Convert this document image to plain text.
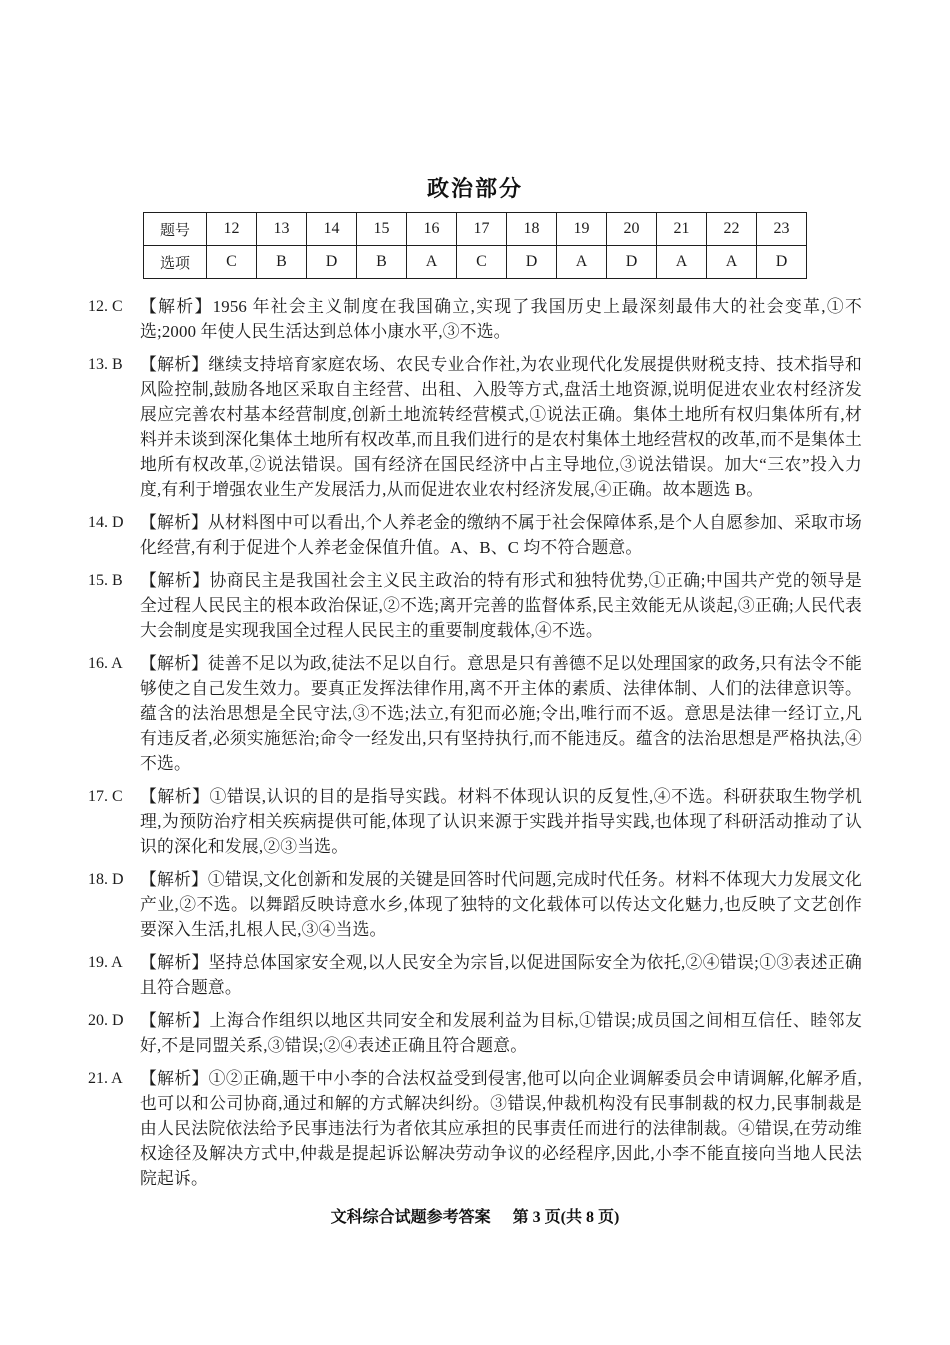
政治部分
题号	12	13	14	15	16	17	18	19	20	21	22	23
选项	C	B	D	B	A	C	D	A	D	A	A	D
12. C	【解析】1956 年社会主义制度在我国确立,实现了我国历史上最深刻最伟大的社会变革,①不选;2000 年使人民生活达到总体小康水平,③不选。
13. B	【解析】继续支持培育家庭农场、农民专业合作社,为农业现代化发展提供财税支持、技术指导和风险控制,鼓励各地区采取自主经营、出租、入股等方式,盘活土地资源,说明促进农业农村经济发展应完善农村基本经营制度,创新土地流转经营模式,①说法正确。集体土地所有权归集体所有,材料并未谈到深化集体土地所有权改革,而且我们进行的是农村集体土地经营权的改革,而不是集体土地所有权改革,②说法错误。国有经济在国民经济中占主导地位,③说法错误。加大“三农”投入力度,有利于增强农业生产发展活力,从而促进农业农村经济发展,④正确。故本题选 B。
14. D 【解析】从材料图中可以看出,个人养老金的缴纳不属于社会保障体系,是个人自愿参加、采取市场化经营,有利于促进个人养老金保值升值。A、B、C 均不符合题意。
15. B	【解析】协商民主是我国社会主义民主政治的特有形式和独特优势,①正确;中国共产党的领导是全过程人民民主的根本政治保证,②不选;离开完善的监督体系,民主效能无从谈起,③正确;人民代表大会制度是实现我国全过程人民民主的重要制度载体,④不选。
16. A	【解析】徒善不足以为政,徒法不足以自行。意思是只有善德不足以处理国家的政务,只有法令不能够使之自己发生效力。要真正发挥法律作用,离不开主体的素质、法律体制、人们的法律意识等。蕴含的法治思想是全民守法,③不选;法立,有犯而必施;令出,唯行而不返。意思是法律一经订立,凡有违反者,必须实施惩治;命令一经发出,只有坚持执行,而不能违反。蕴含的法治思想是严格执法,④不选。
17. C	【解析】①错误,认识的目的是指导实践。材料不体现认识的反复性,④不选。科研获取生物学机理,为预防治疗相关疾病提供可能,体现了认识来源于实践并指导实践,也体现了科研活动推动了认识的深化和发展,②③当选。
18. D 【解析】①错误,文化创新和发展的关键是回答时代问题,完成时代任务。材料不体现大力发展文化产业,②不选。以舞蹈反映诗意水乡,体现了独特的文化载体可以传达文化魅力,也反映了文艺创作要深入生活,扎根人民,③④当选。
19. A	【解析】坚持总体国家安全观,以人民安全为宗旨,以促进国际安全为依托,②④错误;①③表述正确且符合题意。
20. D 【解析】上海合作组织以地区共同安全和发展利益为目标,①错误;成员国之间相互信任、睦邻友好,不是同盟关系,③错误;②④表述正确且符合题意。
21. A	【解析】①②正确,题干中小李的合法权益受到侵害,他可以向企业调解委员会申请调解,化解矛盾,也可以和公司协商,通过和解的方式解决纠纷。③错误,仲裁机构没有民事制裁的权力,民事制裁是由人民法院依法给予民事违法行为者依其应承担的民事责任而进行的法律制裁。④错误,在劳动维权途径及解决方式中,仲裁是提起诉讼解决劳动争议的必经程序,因此,小李不能直接向当地人民法院起诉。
文科综合试题参考答案 第 3 页(共 8 页)
